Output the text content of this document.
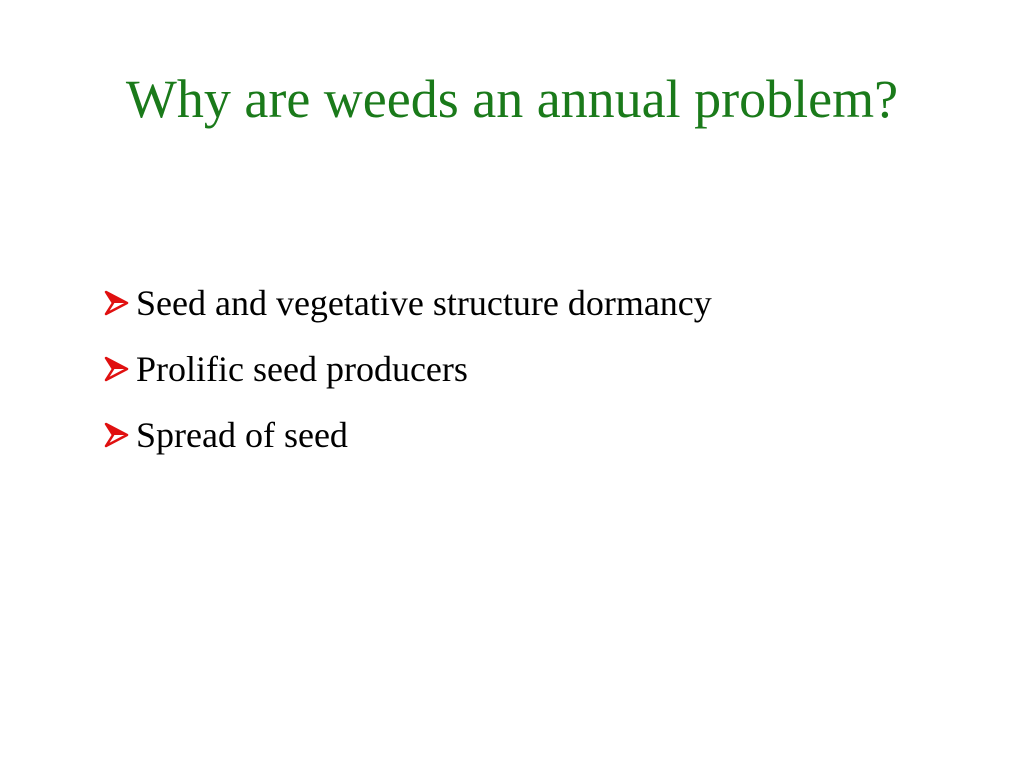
Why are weeds an annual problem?
Seed and vegetative structure dormancy
Prolific seed producers
Spread of seed
